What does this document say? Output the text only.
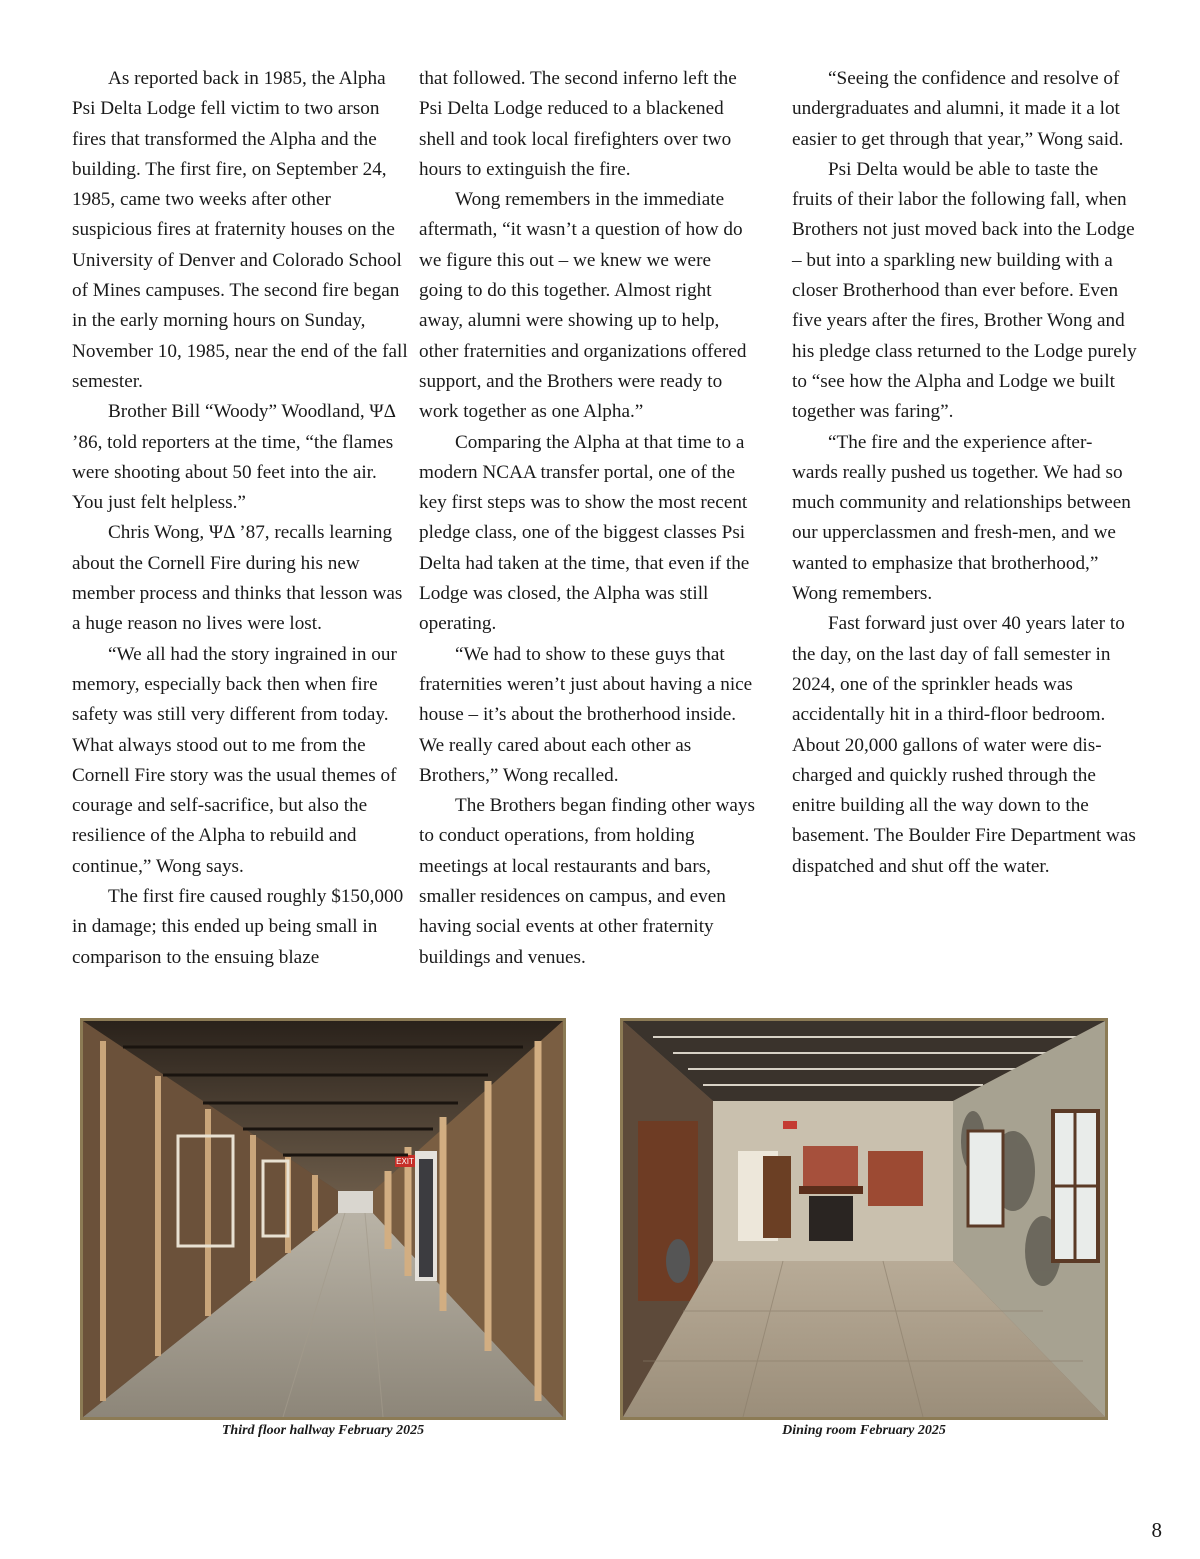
As reported back in 1985, the Alpha Psi Delta Lodge fell victim to two arson fires that transformed the Alpha and the building. The first fire, on September 24, 1985, came two weeks after other suspicious fires at fraternity houses on the University of Denver and Colorado School of Mines campuses. The second fire began in the early morning hours on Sunday, November 10, 1985, near the end of the fall semester.

Brother Bill “Woody” Woodland, ΨΔ ’86, told reporters at the time, “the flames were shooting about 50 feet into the air. You just felt helpless.”

Chris Wong, ΨΔ ’87, recalls learning about the Cornell Fire during his new member process and thinks that lesson was a huge reason no lives were lost.

“We all had the story ingrained in our memory, especially back then when fire safety was still very different from today. What always stood out to me from the Cornell Fire story was the usual themes of courage and self-sacrifice, but also the resilience of the Alpha to rebuild and continue,” Wong says.

The first fire caused roughly $150,000 in damage; this ended up being small in comparison to the ensuing blaze

that followed. The second inferno left the Psi Delta Lodge reduced to a blackened shell and took local firefighters over two hours to extinguish the fire.

Wong remembers in the immediate aftermath, “it wasn’t a question of how do we figure this out – we knew we were going to do this together. Almost right away, alumni were showing up to help, other fraternities and organizations offered support, and the Brothers were ready to work together as one Alpha.”

Comparing the Alpha at that time to a modern NCAA transfer portal, one of the key first steps was to show the most recent pledge class, one of the biggest classes Psi Delta had taken at the time, that even if the Lodge was closed, the Alpha was still operating.

“We had to show to these guys that fraternities weren’t just about having a nice house – it’s about the brotherhood inside. We really cared about each other as Brothers,” Wong recalled.

The Brothers began finding other ways to conduct operations, from holding meetings at local restaurants and bars, smaller residences on campus, and even having social events at other fraternity buildings and venues.

“Seeing the confidence and resolve of undergraduates and alumni, it made it a lot easier to get through that year,” Wong said.

Psi Delta would be able to taste the fruits of their labor the following fall, when Brothers not just moved back into the Lodge – but into a sparkling new building with a closer Brotherhood than ever before. Even five years after the fires, Brother Wong and his pledge class returned to the Lodge purely to “see how the Alpha and Lodge we built together was faring”.

“The fire and the experience after-wards really pushed us together. We had so much community and relationships between our upperclassmen and fresh-men, and we wanted to emphasize that brotherhood,” Wong remembers.

Fast forward just over 40 years later to the day, on the last day of fall semester in 2024, one of the sprinkler heads was accidentally hit in a third-floor bedroom. About 20,000 gallons of water were dis-charged and quickly rushed through the enitre building all the way down to the basement. The Boulder Fire Department was dispatched and shut off the water.

EXIT
Third floor hallway February 2025	Dining room February 2025
8
